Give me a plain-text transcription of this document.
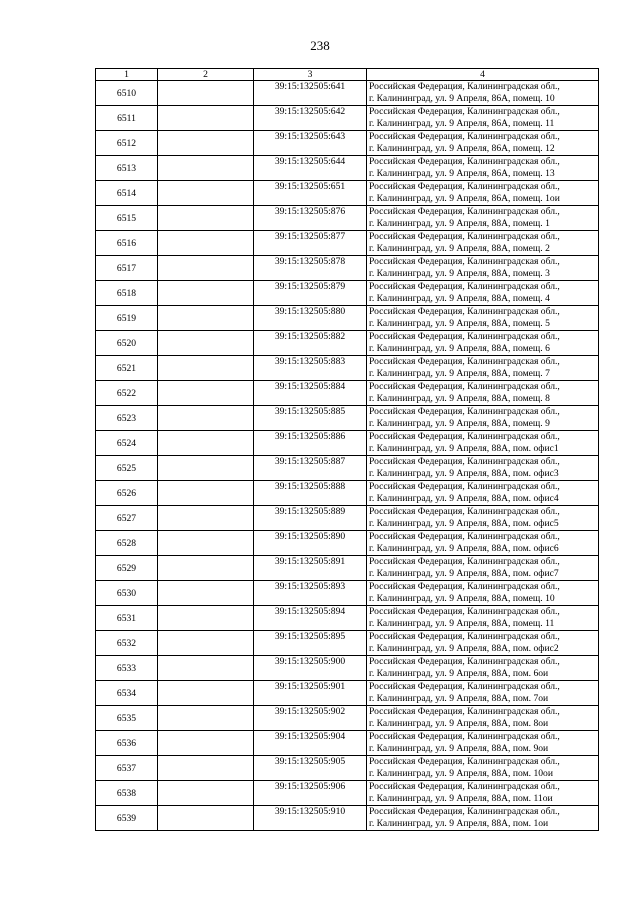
238
1	2	3	4
6510		39:15:132505:641	Российская Федерация, Калининградская обл.,
г. Калининград, ул. 9 Апреля, 86А, помещ. 10

6511		39:15:132505:642	Российская Федерация, Калининградская обл.,
г. Калининград, ул. 9 Апреля, 86А, помещ. 11

6512		39:15:132505:643	Российская Федерация, Калининградская обл.,
г. Калининград, ул. 9 Апреля, 86А, помещ. 12

6513		39:15:132505:644	Российская Федерация, Калининградская обл.,
г. Калининград, ул. 9 Апреля, 86А, помещ. 13

6514		39:15:132505:651	Российская Федерация, Калининградская обл.,
г. Калининград, ул. 9 Апреля, 86А, помещ. 1ои

6515		39:15:132505:876	Российская Федерация, Калининградская обл.,
г. Калининград, ул. 9 Апреля, 88А, помещ. 1

6516		39:15:132505:877	Российская Федерация, Калининградская обл.,
г. Калининград, ул. 9 Апреля, 88А, помещ. 2

6517		39:15:132505:878	Российская Федерация, Калининградская обл.,
г. Калининград, ул. 9 Апреля, 88А, помещ. 3

6518		39:15:132505:879	Российская Федерация, Калининградская обл.,
г. Калининград, ул. 9 Апреля, 88А, помещ. 4

6519		39:15:132505:880	Российская Федерация, Калининградская обл.,
г. Калининград, ул. 9 Апреля, 88А, помещ. 5

6520		39:15:132505:882	Российская Федерация, Калининградская обл.,
г. Калининград, ул. 9 Апреля, 88А, помещ. 6

6521		39:15:132505:883	Российская Федерация, Калининградская обл.,
г. Калининград, ул. 9 Апреля, 88А, помещ. 7

6522		39:15:132505:884	Российская Федерация, Калининградская обл.,
г. Калининград, ул. 9 Апреля, 88А, помещ. 8

6523		39:15:132505:885	Российская Федерация, Калининградская обл.,
г. Калининград, ул. 9 Апреля, 88А, помещ. 9

6524		39:15:132505:886	Российская Федерация, Калининградская обл.,
г. Калининград, ул. 9 Апреля, 88А, пом. офис1

6525		39:15:132505:887	Российская Федерация, Калининградская обл.,
г. Калининград, ул. 9 Апреля, 88А, пом. офис3

6526		39:15:132505:888	Российская Федерация, Калининградская обл.,
г. Калининград, ул. 9 Апреля, 88А, пом. офис4

6527		39:15:132505:889	Российская Федерация, Калининградская обл.,
г. Калининград, ул. 9 Апреля, 88А, пом. офис5

6528		39:15:132505:890	Российская Федерация, Калининградская обл.,
г. Калининград, ул. 9 Апреля, 88А, пом. офис6

6529		39:15:132505:891	Российская Федерация, Калининградская обл.,
г. Калининград, ул. 9 Апреля, 88А, пом. офис7

6530		39:15:132505:893	Российская Федерация, Калининградская обл.,
г. Калининград, ул. 9 Апреля, 88А, помещ. 10

6531		39:15:132505:894	Российская Федерация, Калининградская обл.,
г. Калининград, ул. 9 Апреля, 88А, помещ. 11

6532		39:15:132505:895	Российская Федерация, Калининградская обл.,
г. Калининград, ул. 9 Апреля, 88А, пом. офис2

6533		39:15:132505:900	Российская Федерация, Калининградская обл.,
г. Калининград, ул. 9 Апреля, 88А, пом. 6ои

6534		39:15:132505:901	Российская Федерация, Калининградская обл.,
г. Калининград, ул. 9 Апреля, 88А, пом. 7ои

6535		39:15:132505:902	Российская Федерация, Калининградская обл.,
г. Калининград, ул. 9 Апреля, 88А, пом. 8ои

6536		39:15:132505:904	Российская Федерация, Калининградская обл.,
г. Калининград, ул. 9 Апреля, 88А, пом. 9ои

6537		39:15:132505:905	Российская Федерация, Калининградская обл.,
г. Калининград, ул. 9 Апреля, 88А, пом. 10ои

6538		39:15:132505:906	Российская Федерация, Калининградская обл.,
г. Калининград, ул. 9 Апреля, 88А, пом. 11ои

6539		39:15:132505:910	Российская Федерация, Калининградская обл.,
г. Калининград, ул. 9 Апреля, 88А, пом. 1ои
